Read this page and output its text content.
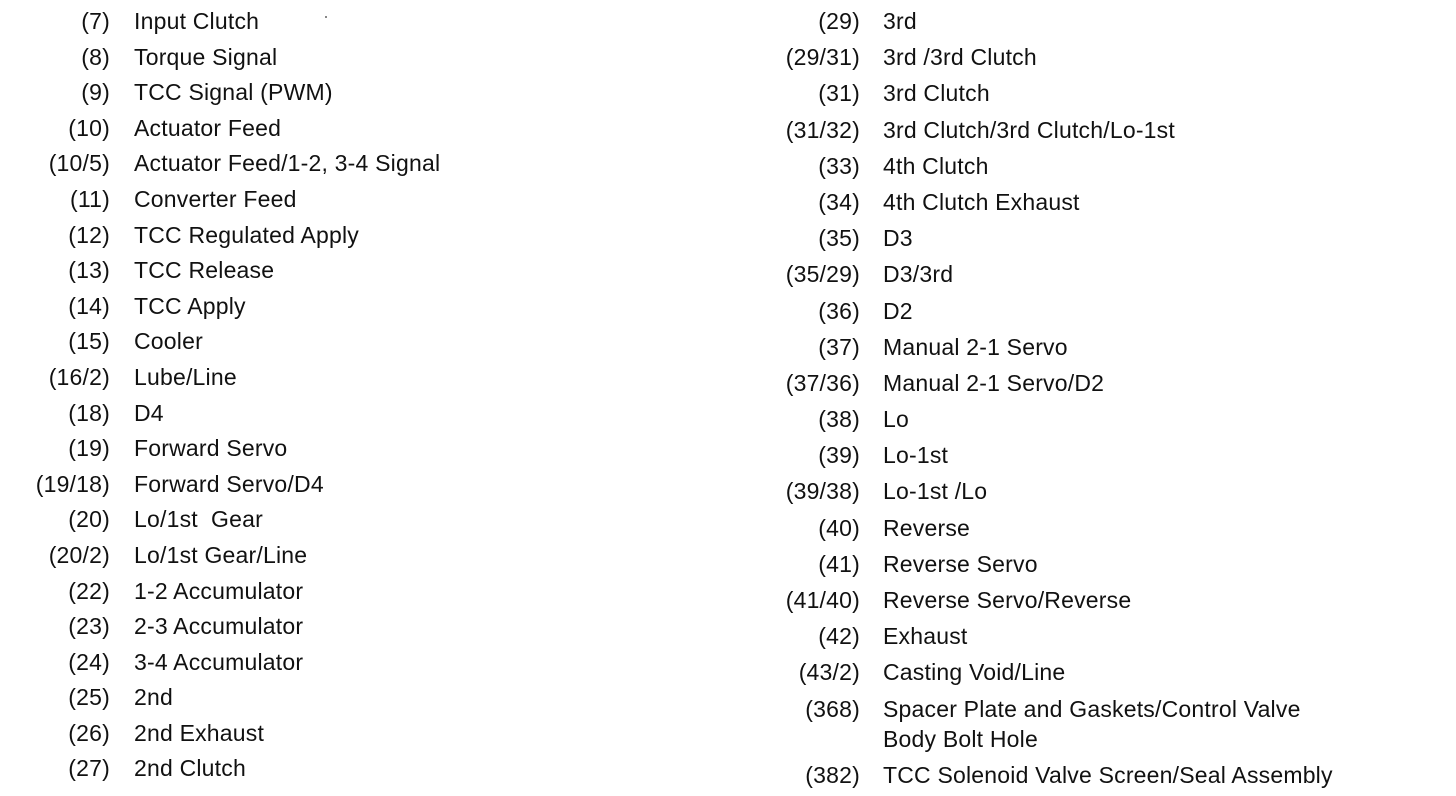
(7) Input Clutch
(8) Torque Signal
(9) TCC Signal (PWM)
(10) Actuator Feed
(10/5) Actuator Feed/1-2, 3-4 Signal
(11) Converter Feed
(12) TCC Regulated Apply
(13) TCC Release
(14) TCC Apply
(15) Cooler
(16/2) Lube/Line
(18) D4
(19) Forward Servo
(19/18) Forward Servo/D4
(20) Lo/1st  Gear
(20/2) Lo/1st Gear/Line
(22) 1-2 Accumulator
(23) 2-3 Accumulator
(24) 3-4 Accumulator
(25) 2nd
(26) 2nd Exhaust
(27) 2nd Clutch
(29) 3rd
(29/31) 3rd /3rd Clutch
(31) 3rd Clutch
(31/32) 3rd Clutch/3rd Clutch/Lo-1st
(33) 4th Clutch
(34) 4th Clutch Exhaust
(35) D3
(35/29) D3/3rd
(36) D2
(37) Manual 2-1 Servo
(37/36) Manual 2-1 Servo/D2
(38) Lo
(39) Lo-1st
(39/38) Lo-1st /Lo
(40) Reverse
(41) Reverse Servo
(41/40) Reverse Servo/Reverse
(42) Exhaust
(43/2) Casting Void/Line
(368) Spacer Plate and Gaskets/Control Valve
Body Bolt Hole
(382) TCC Solenoid Valve Screen/Seal Assembly
